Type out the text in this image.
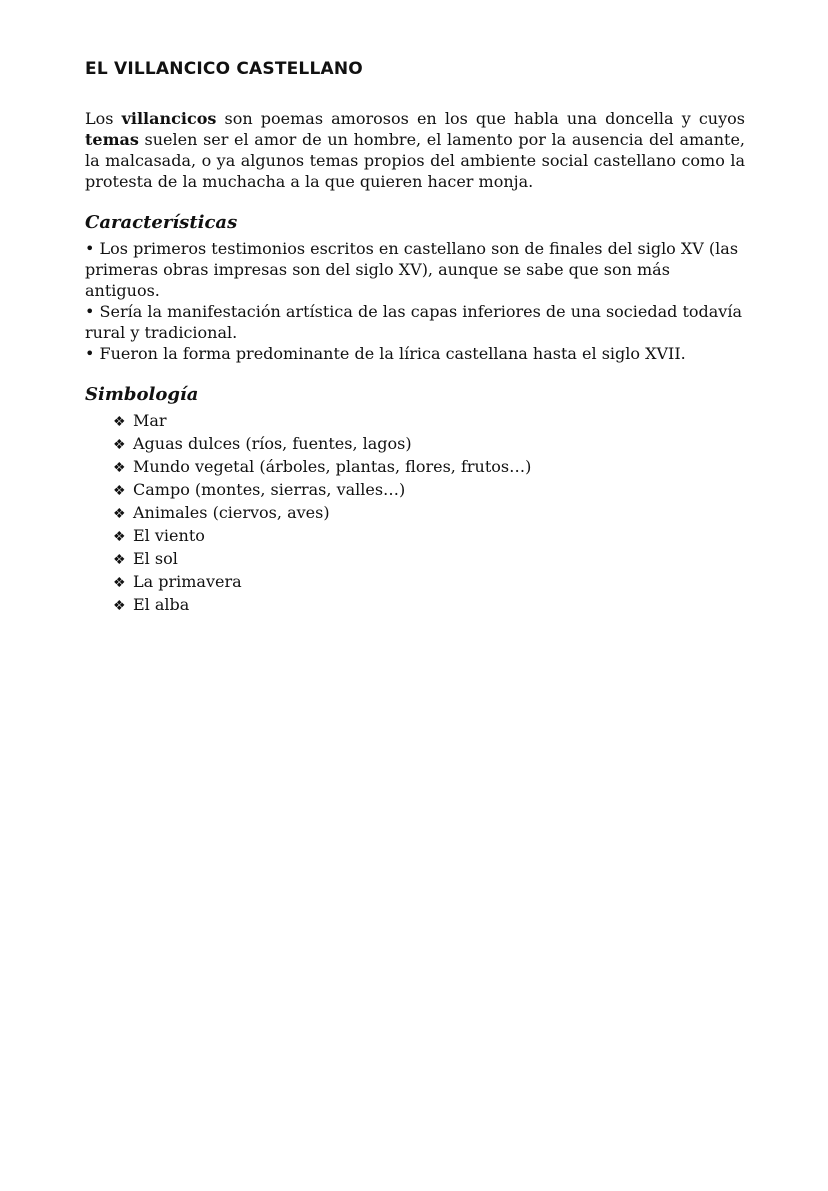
EL VILLANCICO CASTELLANO

Los villancicos son poemas amorosos en los que habla una doncella y cuyos temas suelen ser el amor de un hombre, el lamento por la ausencia del amante, la malcasada, o ya algunos temas propios del ambiente social castellano como la protesta de la muchacha a la que quieren hacer monja.

Características
• Los primeros testimonios escritos en castellano son de finales del siglo XV (las primeras obras impresas son del siglo XV), aunque se sabe que son más antiguos.
• Sería la manifestación artística de las capas inferiores de una sociedad todavía rural y tradicional.
• Fueron la forma predominante de la lírica castellana hasta el siglo XVII.
Simbología
❖ Mar
❖ Aguas dulces (ríos, fuentes, lagos)
❖ Mundo vegetal (árboles, plantas, flores, frutos…)
❖ Campo (montes, sierras, valles…)
❖ Animales (ciervos, aves)
❖ El viento
❖ El sol
❖ La primavera
❖ El alba
